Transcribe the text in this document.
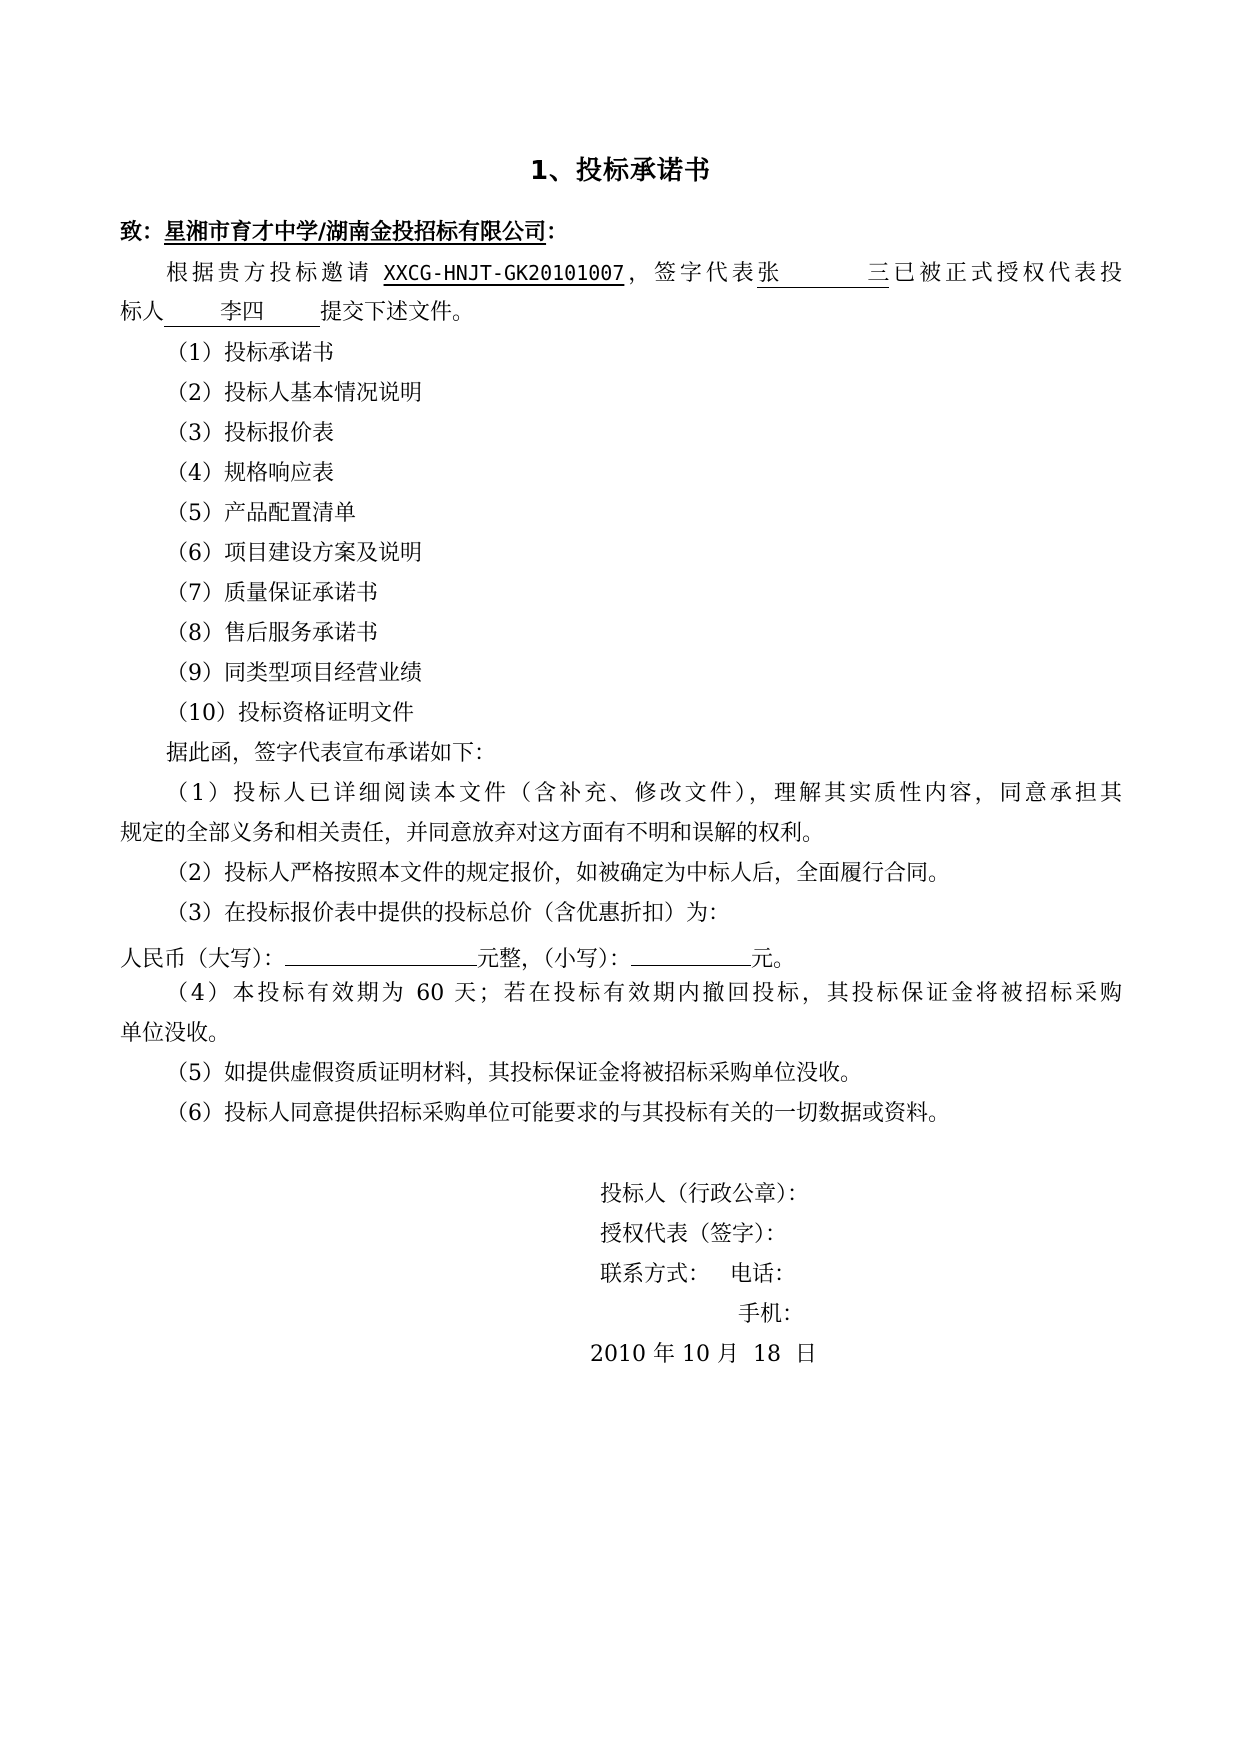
1、投标承诺书
致：星湘市育才中学/湖南金投招标有限公司：
根据贵方投标邀请 XXCG-HNJT-GK20101007，签字代表张三已被正式授权代表投
标人	李四	提交下述文件。
（1）投标承诺书
（2）投标人基本情况说明
（3）投标报价表
（4）规格响应表
（5）产品配置清单
（6）项目建设方案及说明
（7）质量保证承诺书
（8）售后服务承诺书
（9）同类型项目经营业绩
（10）投标资格证明文件
据此函，签字代表宣布承诺如下：
（1）投标人已详细阅读本文件（含补充、修改文件），理解其实质性内容，同意承担其
规定的全部义务和相关责任，并同意放弃对这方面有不明和误解的权利。
（2）投标人严格按照本文件的规定报价，如被确定为中标人后，全面履行合同。
（3）在投标报价表中提供的投标总价（含优惠折扣）为：
人民币（大写）：	元整，（小写）：	元。
（4）本投标有效期为 60 天；若在投标有效期内撤回投标，其投标保证金将被招标采购
单位没收。
（5）如提供虚假资质证明材料，其投标保证金将被招标采购单位没收。
（6）投标人同意提供招标采购单位可能要求的与其投标有关的一切数据或资料。
投标人（行政公章）：
授权代表（签字）：
联系方式： 电话：
手机：
2010 年 10 月  18  日
